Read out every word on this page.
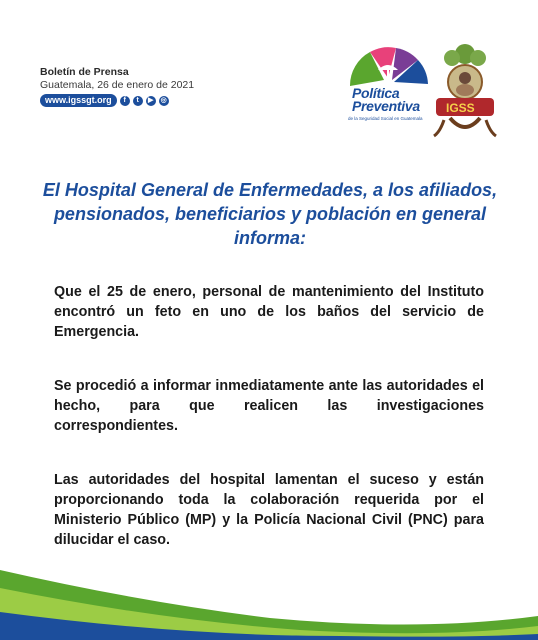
Boletín de Prensa
Guatemala, 26 de enero de 2021
www.igssgt.org	f	t	▶	◎	Política
Preventiva
de la Seguridad Social en Guatemala
IGSS
El Hospital General de Enfermedades, a los afiliados, pensionados, beneficiarios y población en general informa:

Que el 25 de enero, personal de mantenimiento del Instituto encontró un feto en uno de los baños del servicio de Emergencia.

Se procedió a informar inmediatamente ante las autoridades el hecho, para que realicen las investigaciones correspondientes.

Las autoridades del hospital lamentan el suceso y están proporcionando toda la colaboración requerida por el Ministerio Público (MP) y la Policía Nacional Civil (PNC) para dilucidar el caso.
